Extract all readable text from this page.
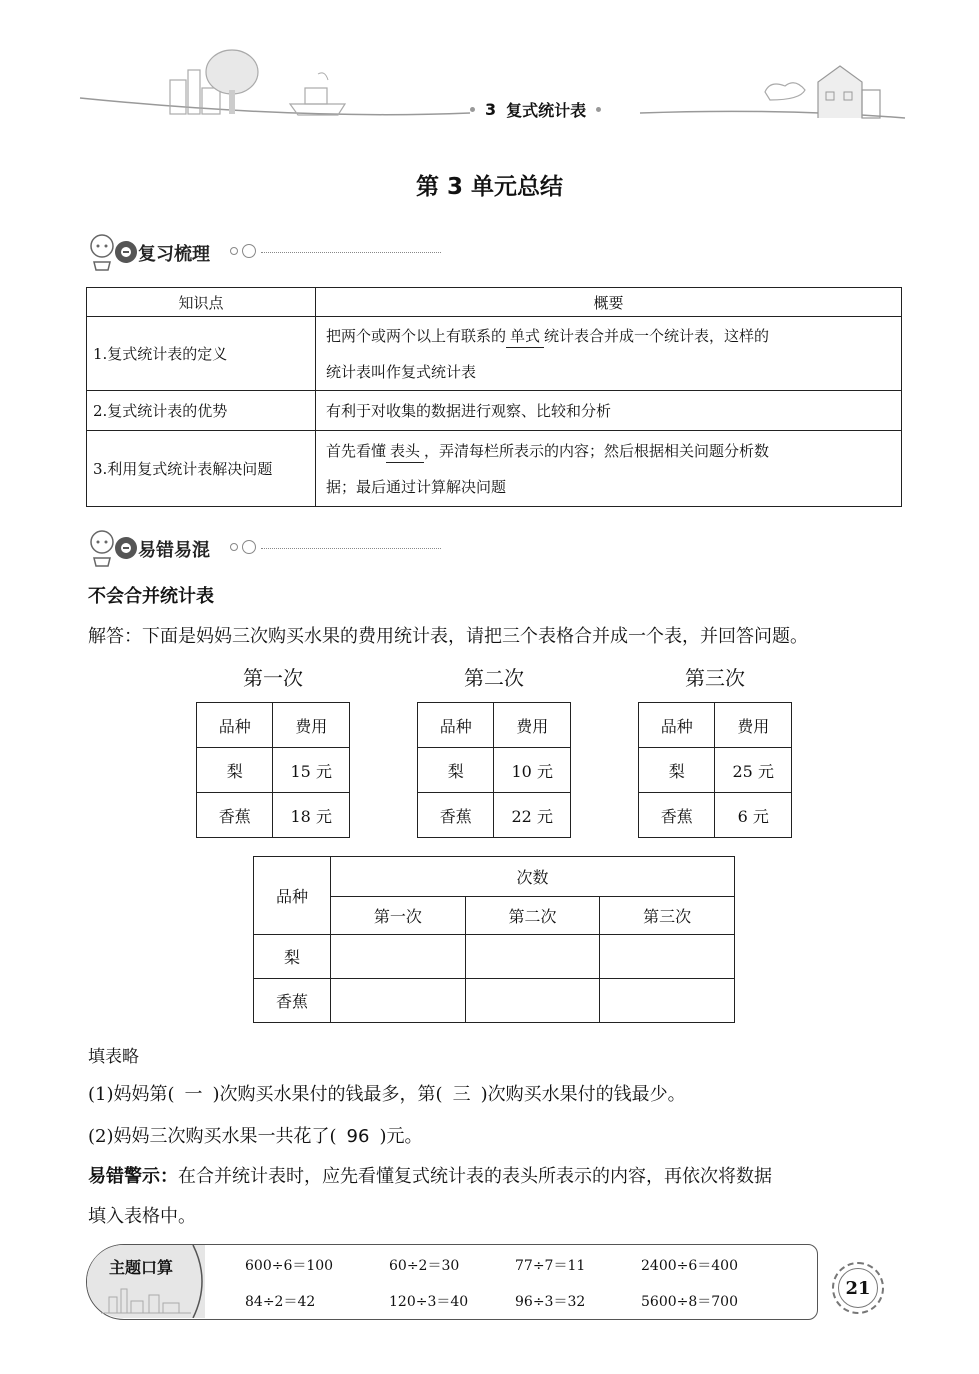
3 复式统计表
第 3 单元总结
复习梳理
知识点	概要
1.复式统计表的定义	把两个或两个以上有联系的 单式 统计表合并成一个统计表，这样的
统计表叫作复式统计表

2.复式统计表的优势	有利于对收集的数据进行观察、比较和分析
3.利用复式统计表解决问题	首先看懂 表头 ，弄清每栏所表示的内容；然后根据相关问题分析数
据；最后通过计算解决问题
易错易混
不会合并统计表
解答：下面是妈妈三次购买水果的费用统计表，请把三个表格合并成一个表，并回答问题。
第一次
品种	费用
梨	15 元
香蕉	18 元
第二次
品种	费用
梨	10 元
香蕉	22 元
第三次
品种	费用
梨	25 元
香蕉	6 元
品种	次数		
	第一次	第二次	第三次
梨			
香蕉			
填表略
(1)妈妈第( 一 )次购买水果付的钱最多，第( 三 )次购买水果付的钱最少。
(2)妈妈三次购买水果一共花了( 96 )元。
易错警示：在合并统计表时，应先看懂复式统计表的表头所表示的内容，再依次将数据
填入表格中。
主题口算	600÷6＝100	60÷2＝30	77÷7＝11	2400÷6＝400
84÷2＝42	120÷3＝40	96÷3＝32	5600÷8＝700
21
